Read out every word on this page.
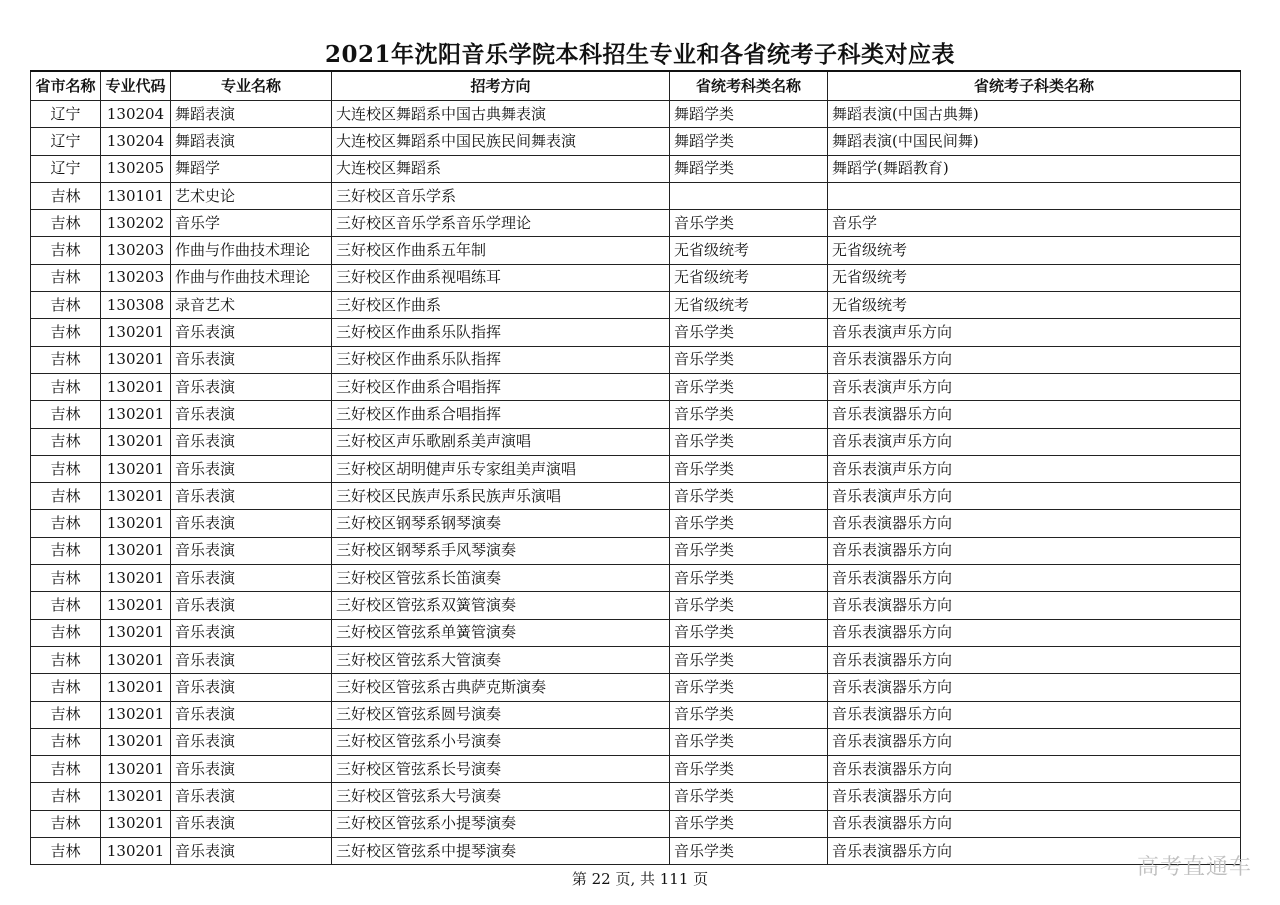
2021年沈阳音乐学院本科招生专业和各省统考子科类对应表
省市名称	专业代码	专业名称	招考方向	省统考科类名称	省统考子科类名称
辽宁	130204	舞蹈表演	大连校区舞蹈系中国古典舞表演	舞蹈学类	舞蹈表演(中国古典舞)
辽宁	130204	舞蹈表演	大连校区舞蹈系中国民族民间舞表演	舞蹈学类	舞蹈表演(中国民间舞)
辽宁	130205	舞蹈学	大连校区舞蹈系	舞蹈学类	舞蹈学(舞蹈教育)
吉林	130101	艺术史论	三好校区音乐学系		
吉林	130202	音乐学	三好校区音乐学系音乐学理论	音乐学类	音乐学
吉林	130203	作曲与作曲技术理论	三好校区作曲系五年制	无省级统考	无省级统考
吉林	130203	作曲与作曲技术理论	三好校区作曲系视唱练耳	无省级统考	无省级统考
吉林	130308	录音艺术	三好校区作曲系	无省级统考	无省级统考
吉林	130201	音乐表演	三好校区作曲系乐队指挥	音乐学类	音乐表演声乐方向
吉林	130201	音乐表演	三好校区作曲系乐队指挥	音乐学类	音乐表演器乐方向
吉林	130201	音乐表演	三好校区作曲系合唱指挥	音乐学类	音乐表演声乐方向
吉林	130201	音乐表演	三好校区作曲系合唱指挥	音乐学类	音乐表演器乐方向
吉林	130201	音乐表演	三好校区声乐歌剧系美声演唱	音乐学类	音乐表演声乐方向
吉林	130201	音乐表演	三好校区胡明健声乐专家组美声演唱	音乐学类	音乐表演声乐方向
吉林	130201	音乐表演	三好校区民族声乐系民族声乐演唱	音乐学类	音乐表演声乐方向
吉林	130201	音乐表演	三好校区钢琴系钢琴演奏	音乐学类	音乐表演器乐方向
吉林	130201	音乐表演	三好校区钢琴系手风琴演奏	音乐学类	音乐表演器乐方向
吉林	130201	音乐表演	三好校区管弦系长笛演奏	音乐学类	音乐表演器乐方向
吉林	130201	音乐表演	三好校区管弦系双簧管演奏	音乐学类	音乐表演器乐方向
吉林	130201	音乐表演	三好校区管弦系单簧管演奏	音乐学类	音乐表演器乐方向
吉林	130201	音乐表演	三好校区管弦系大管演奏	音乐学类	音乐表演器乐方向
吉林	130201	音乐表演	三好校区管弦系古典萨克斯演奏	音乐学类	音乐表演器乐方向
吉林	130201	音乐表演	三好校区管弦系圆号演奏	音乐学类	音乐表演器乐方向
吉林	130201	音乐表演	三好校区管弦系小号演奏	音乐学类	音乐表演器乐方向
吉林	130201	音乐表演	三好校区管弦系长号演奏	音乐学类	音乐表演器乐方向
吉林	130201	音乐表演	三好校区管弦系大号演奏	音乐学类	音乐表演器乐方向
吉林	130201	音乐表演	三好校区管弦系小提琴演奏	音乐学类	音乐表演器乐方向
吉林	130201	音乐表演	三好校区管弦系中提琴演奏	音乐学类	音乐表演器乐方向
第 22 页, 共 111 页	高考直通车
